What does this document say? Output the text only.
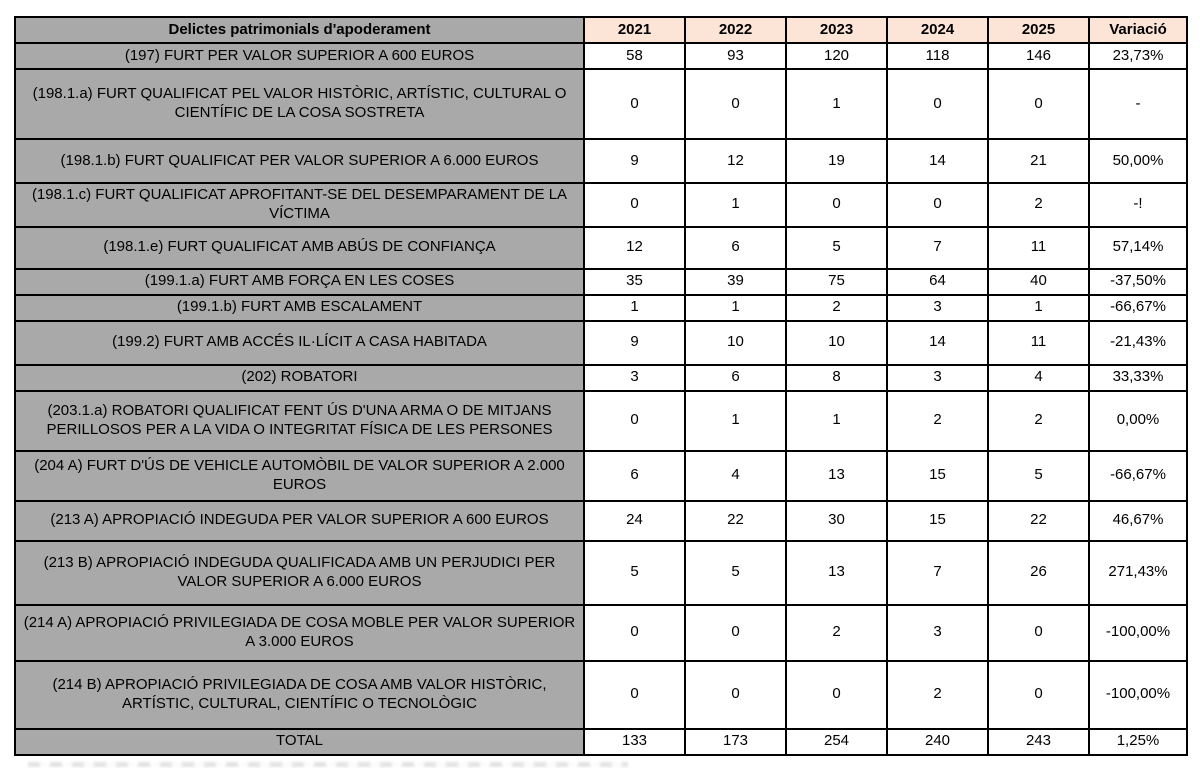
Delictes patrimonials d'apoderament	2021	2022	2023	2024	2025	Variació
(197) FURT PER VALOR SUPERIOR A 600 EUROS	58	93	120	118	146	23,73%
(198.1.a) FURT QUALIFICAT PEL VALOR HISTÒRIC, ARTÍSTIC, CULTURAL O CIENTÍFIC DE LA COSA SOSTRETA	0	0	1	0	0	-
(198.1.b) FURT QUALIFICAT PER VALOR SUPERIOR A 6.000 EUROS	9	12	19	14	21	50,00%
(198.1.c) FURT QUALIFICAT APROFITANT-SE DEL DESEMPARAMENT DE LA VÍCTIMA	0	1	0	0	2	-!
(198.1.e) FURT QUALIFICAT AMB ABÚS DE CONFIANÇA	12	6	5	7	11	57,14%
(199.1.a) FURT AMB FORÇA EN LES COSES	35	39	75	64	40	-37,50%
(199.1.b) FURT AMB ESCALAMENT	1	1	2	3	1	-66,67%
(199.2) FURT AMB ACCÉS IL·LÍCIT A CASA HABITADA	9	10	10	14	11	-21,43%
(202) ROBATORI	3	6	8	3	4	33,33%
(203.1.a) ROBATORI QUALIFICAT FENT ÚS D'UNA ARMA O DE MITJANS PERILLOSOS PER A LA VIDA O INTEGRITAT FÍSICA DE LES PERSONES	0	1	1	2	2	0,00%
(204 A) FURT D'ÚS DE VEHICLE AUTOMÒBIL DE VALOR SUPERIOR A 2.000 EUROS	6	4	13	15	5	-66,67%
(213 A) APROPIACIÓ INDEGUDA PER VALOR SUPERIOR A 600 EUROS	24	22	30	15	22	46,67%
(213 B) APROPIACIÓ INDEGUDA QUALIFICADA AMB UN PERJUDICI PER VALOR SUPERIOR A 6.000 EUROS	5	5	13	7	26	271,43%
(214 A) APROPIACIÓ PRIVILEGIADA DE COSA MOBLE PER VALOR SUPERIOR A 3.000 EUROS	0	0	2	3	0	-100,00%
(214 B) APROPIACIÓ PRIVILEGIADA DE COSA AMB VALOR HISTÒRIC, ARTÍSTIC, CULTURAL, CIENTÍFIC O TECNOLÒGIC	0	0	0	2	0	-100,00%
TOTAL	133	173	254	240	243	1,25%
